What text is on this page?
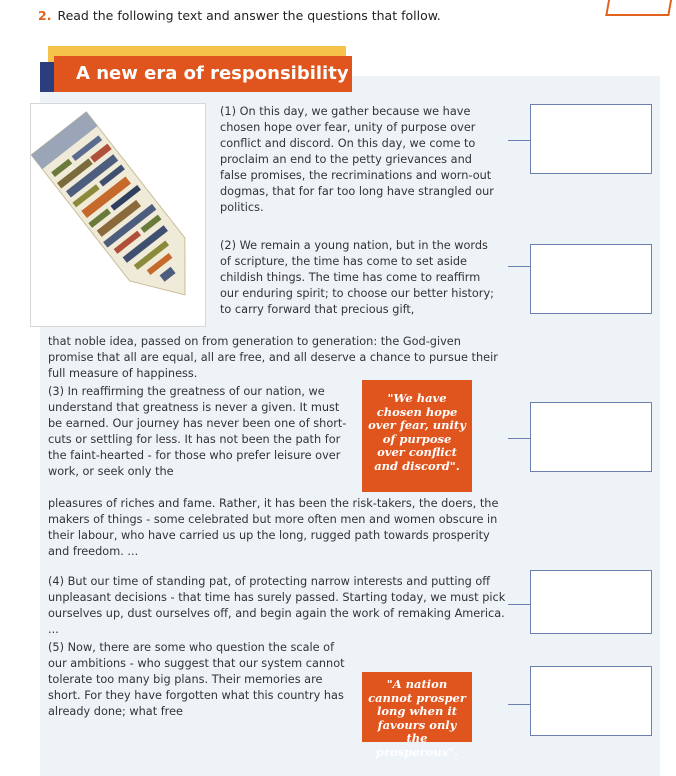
2. Read the following text and answer the questions that follow.
A new era of responsibility

(1) On this day, we gather because we have chosen hope over fear, unity of purpose over conflict and discord. On this day, we come to proclaim an end to the petty grievances and false promises, the recriminations and worn-out dogmas, that for far too long have strangled our politics.

(2) We remain a young nation, but in the words of scripture, the time has come to set aside childish things. The time has come to reaffirm our enduring spirit; to choose our better history; to carry forward that precious gift,

that noble idea, passed on from generation to generation: the God-given promise that all are equal, all are free, and all deserve a chance to pursue their full measure of happiness.

(3) In reaffirming the greatness of our nation, we understand that greatness is never a given. It must be earned. Our journey has never been one of short-cuts or settling for less. It has not been the path for the faint-hearted - for those who prefer leisure over work, or seek only the

pleasures of riches and fame. Rather, it has been the risk-takers, the doers, the makers of things - some celebrated but more often men and women obscure in their labour, who have carried us up the long, rugged path towards prosperity and freedom. ...

(4) But our time of standing pat, of protecting narrow interests and putting off unpleasant decisions - that time has surely passed. Starting today, we must pick ourselves up, dust ourselves off, and begin again the work of remaking America. ...

(5) Now, there are some who question the scale of our ambitions - who suggest that our system cannot tolerate too many big plans. Their memories are short. For they have forgotten what this country has already done; what free

"We have chosen hope over fear, unity of purpose over conflict and discord".
"A nation cannot prosper long when it favours only the prosperous".
